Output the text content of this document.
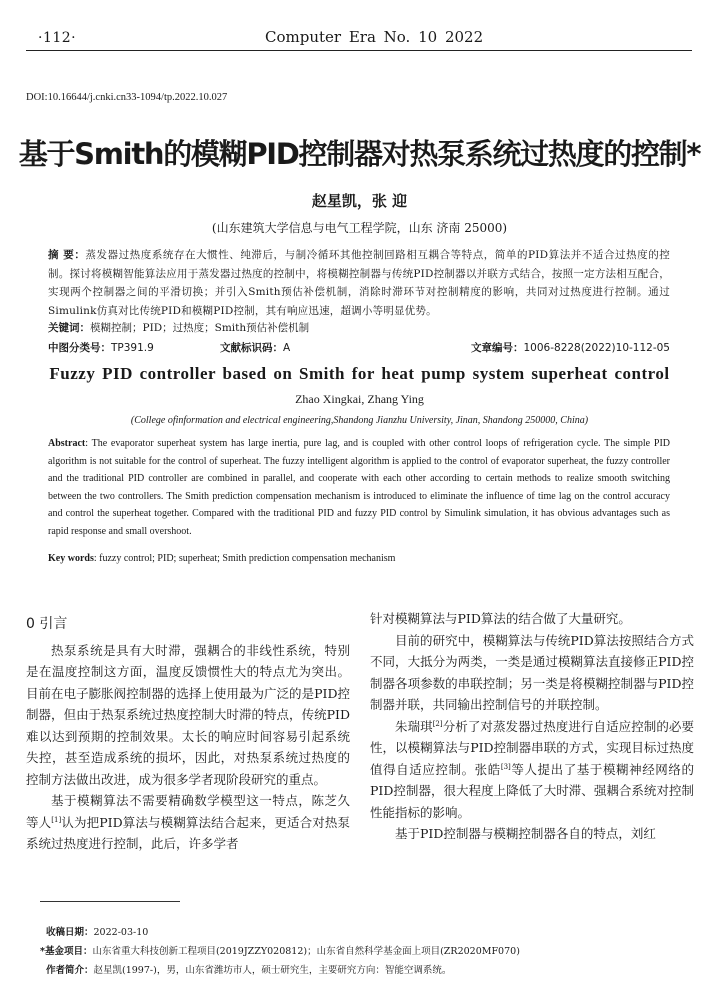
·112·	Computer Era No. 10 2022
DOI:10.16644/j.cnki.cn33-1094/tp.2022.10.027
基于Smith的模糊PID控制器对热泵系统过热度的控制*
赵星凯，张 迎
(山东建筑大学信息与电气工程学院，山东 济南 25000)
摘 要：蒸发器过热度系统存在大惯性、纯滞后，与制冷循环其他控制回路相互耦合等特点，简单的PID算法并不适合过热度的控制。探讨将模糊智能算法应用于蒸发器过热度的控制中，将模糊控制器与传统PID控制器以并联方式结合，按照一定方法相互配合，实现两个控制器之间的平滑切换；并引入Smith预估补偿机制，消除时滞环节对控制精度的影响，共同对过热度进行控制。通过Simulink仿真对比传统PID和模糊PID控制，其有响应迅速，超调小等明显优势。
关键词：模糊控制；PID；过热度；Smith预估补偿机制
中图分类号：TP391.9	文献标识码：A	文章编号：1006-8228(2022)10-112-05
Fuzzy PID controller based on Smith for heat pump system superheat control
Zhao Xingkai, Zhang Ying
(College ofinformation and electrical engineering,Shandong Jianzhu University, Jinan, Shandong 250000, China)
Abstract: The evaporator superheat system has large inertia, pure lag, and is coupled with other control loops of refrigeration cycle. The simple PID algorithm is not suitable for the control of superheat. The fuzzy intelligent algorithm is applied to the control of evaporator superheat, the fuzzy controller and the traditional PID controller are combined in parallel, and cooperate with each other according to certain methods to realize smooth switching between the two controllers. The Smith prediction compensation mechanism is introduced to eliminate the influence of time lag on the control accuracy and control the superheat together. Compared with the traditional PID and fuzzy PID control by Simulink simulation, it has obvious advantages such as rapid response and small overshoot.
Key words: fuzzy control; PID; superheat; Smith prediction compensation mechanism
0 引言

热泵系统是具有大时滞，强耦合的非线性系统，特别是在温度控制这方面，温度反馈惯性大的特点尤为突出。目前在电子膨胀阀控制器的选择上使用最为广泛的是PID控制器，但由于热泵系统过热度控制大时滞的特点，传统PID难以达到预期的控制效果。太长的响应时间容易引起系统失控，甚至造成系统的损坏，因此，对热泵系统过热度的控制方法做出改进，成为很多学者现阶段研究的重点。

基于模糊算法不需要精确数学模型这一特点，陈芝久等人[1]认为把PID算法与模糊算法结合起来，更适合对热泵系统过热度进行控制，此后，许多学者

针对模糊算法与PID算法的结合做了大量研究。

目前的研究中，模糊算法与传统PID算法按照结合方式不同，大抵分为两类，一类是通过模糊算法直接修正PID控制器各项参数的串联控制；另一类是将模糊控制器与PID控制器并联，共同输出控制信号的并联控制。

朱瑞琪[2]分析了对蒸发器过热度进行自适应控制的必要性，以模糊算法与PID控制器串联的方式，实现目标过热度值得自适应控制。张皓[3]等人提出了基于模糊神经网络的PID控制器，很大程度上降低了大时滞、强耦合系统对控制性能指标的影响。

基于PID控制器与模糊控制器各自的特点，刘红

收稿日期：2022-03-10
*基金项目：山东省重大科技创新工程项目(2019JZZY020812)；山东省自然科学基金面上项目(ZR2020MF070)
作者简介：赵星凯(1997-)，男，山东省潍坊市人，硕士研究生，主要研究方向：智能空调系统。
